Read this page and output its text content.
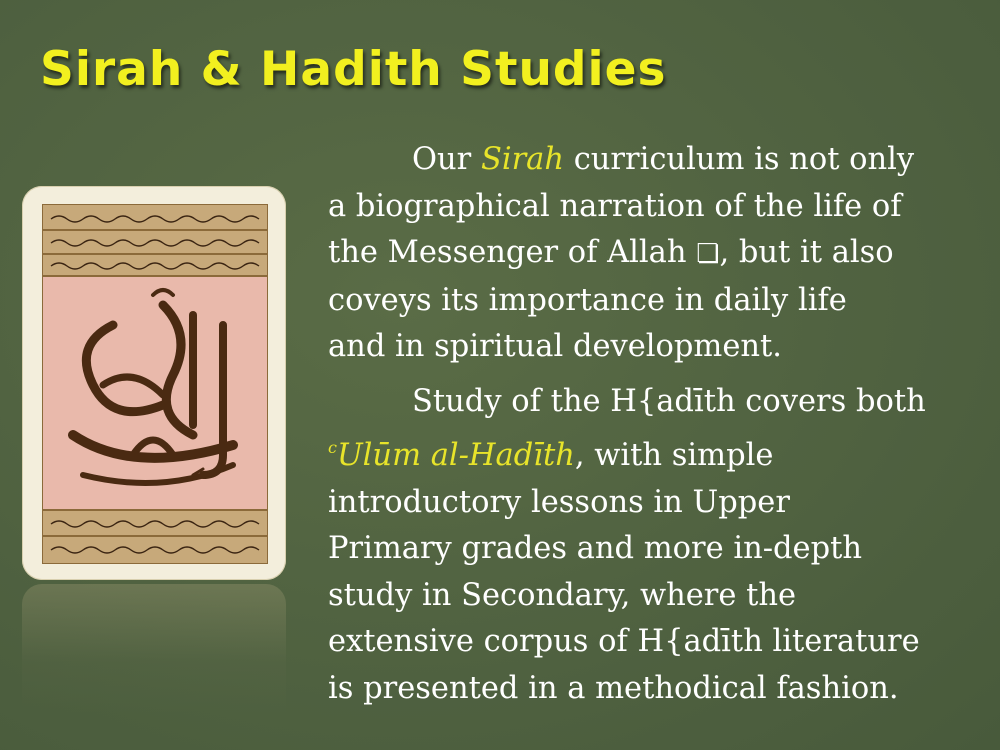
Sirah & Hadith Studies

Our Sirah curriculum is not only
a biographical narration of the life of
the Messenger of Allah ❏, but it also
coveys its importance in daily life
and in spiritual development.

Study of the H{adīth covers both
$^c$Ulūm al-Hadīth, with simple
introductory lessons in Upper
Primary grades and more in-depth
study in Secondary, where the
extensive corpus of H{adīth literature
is presented in a methodical fashion.
